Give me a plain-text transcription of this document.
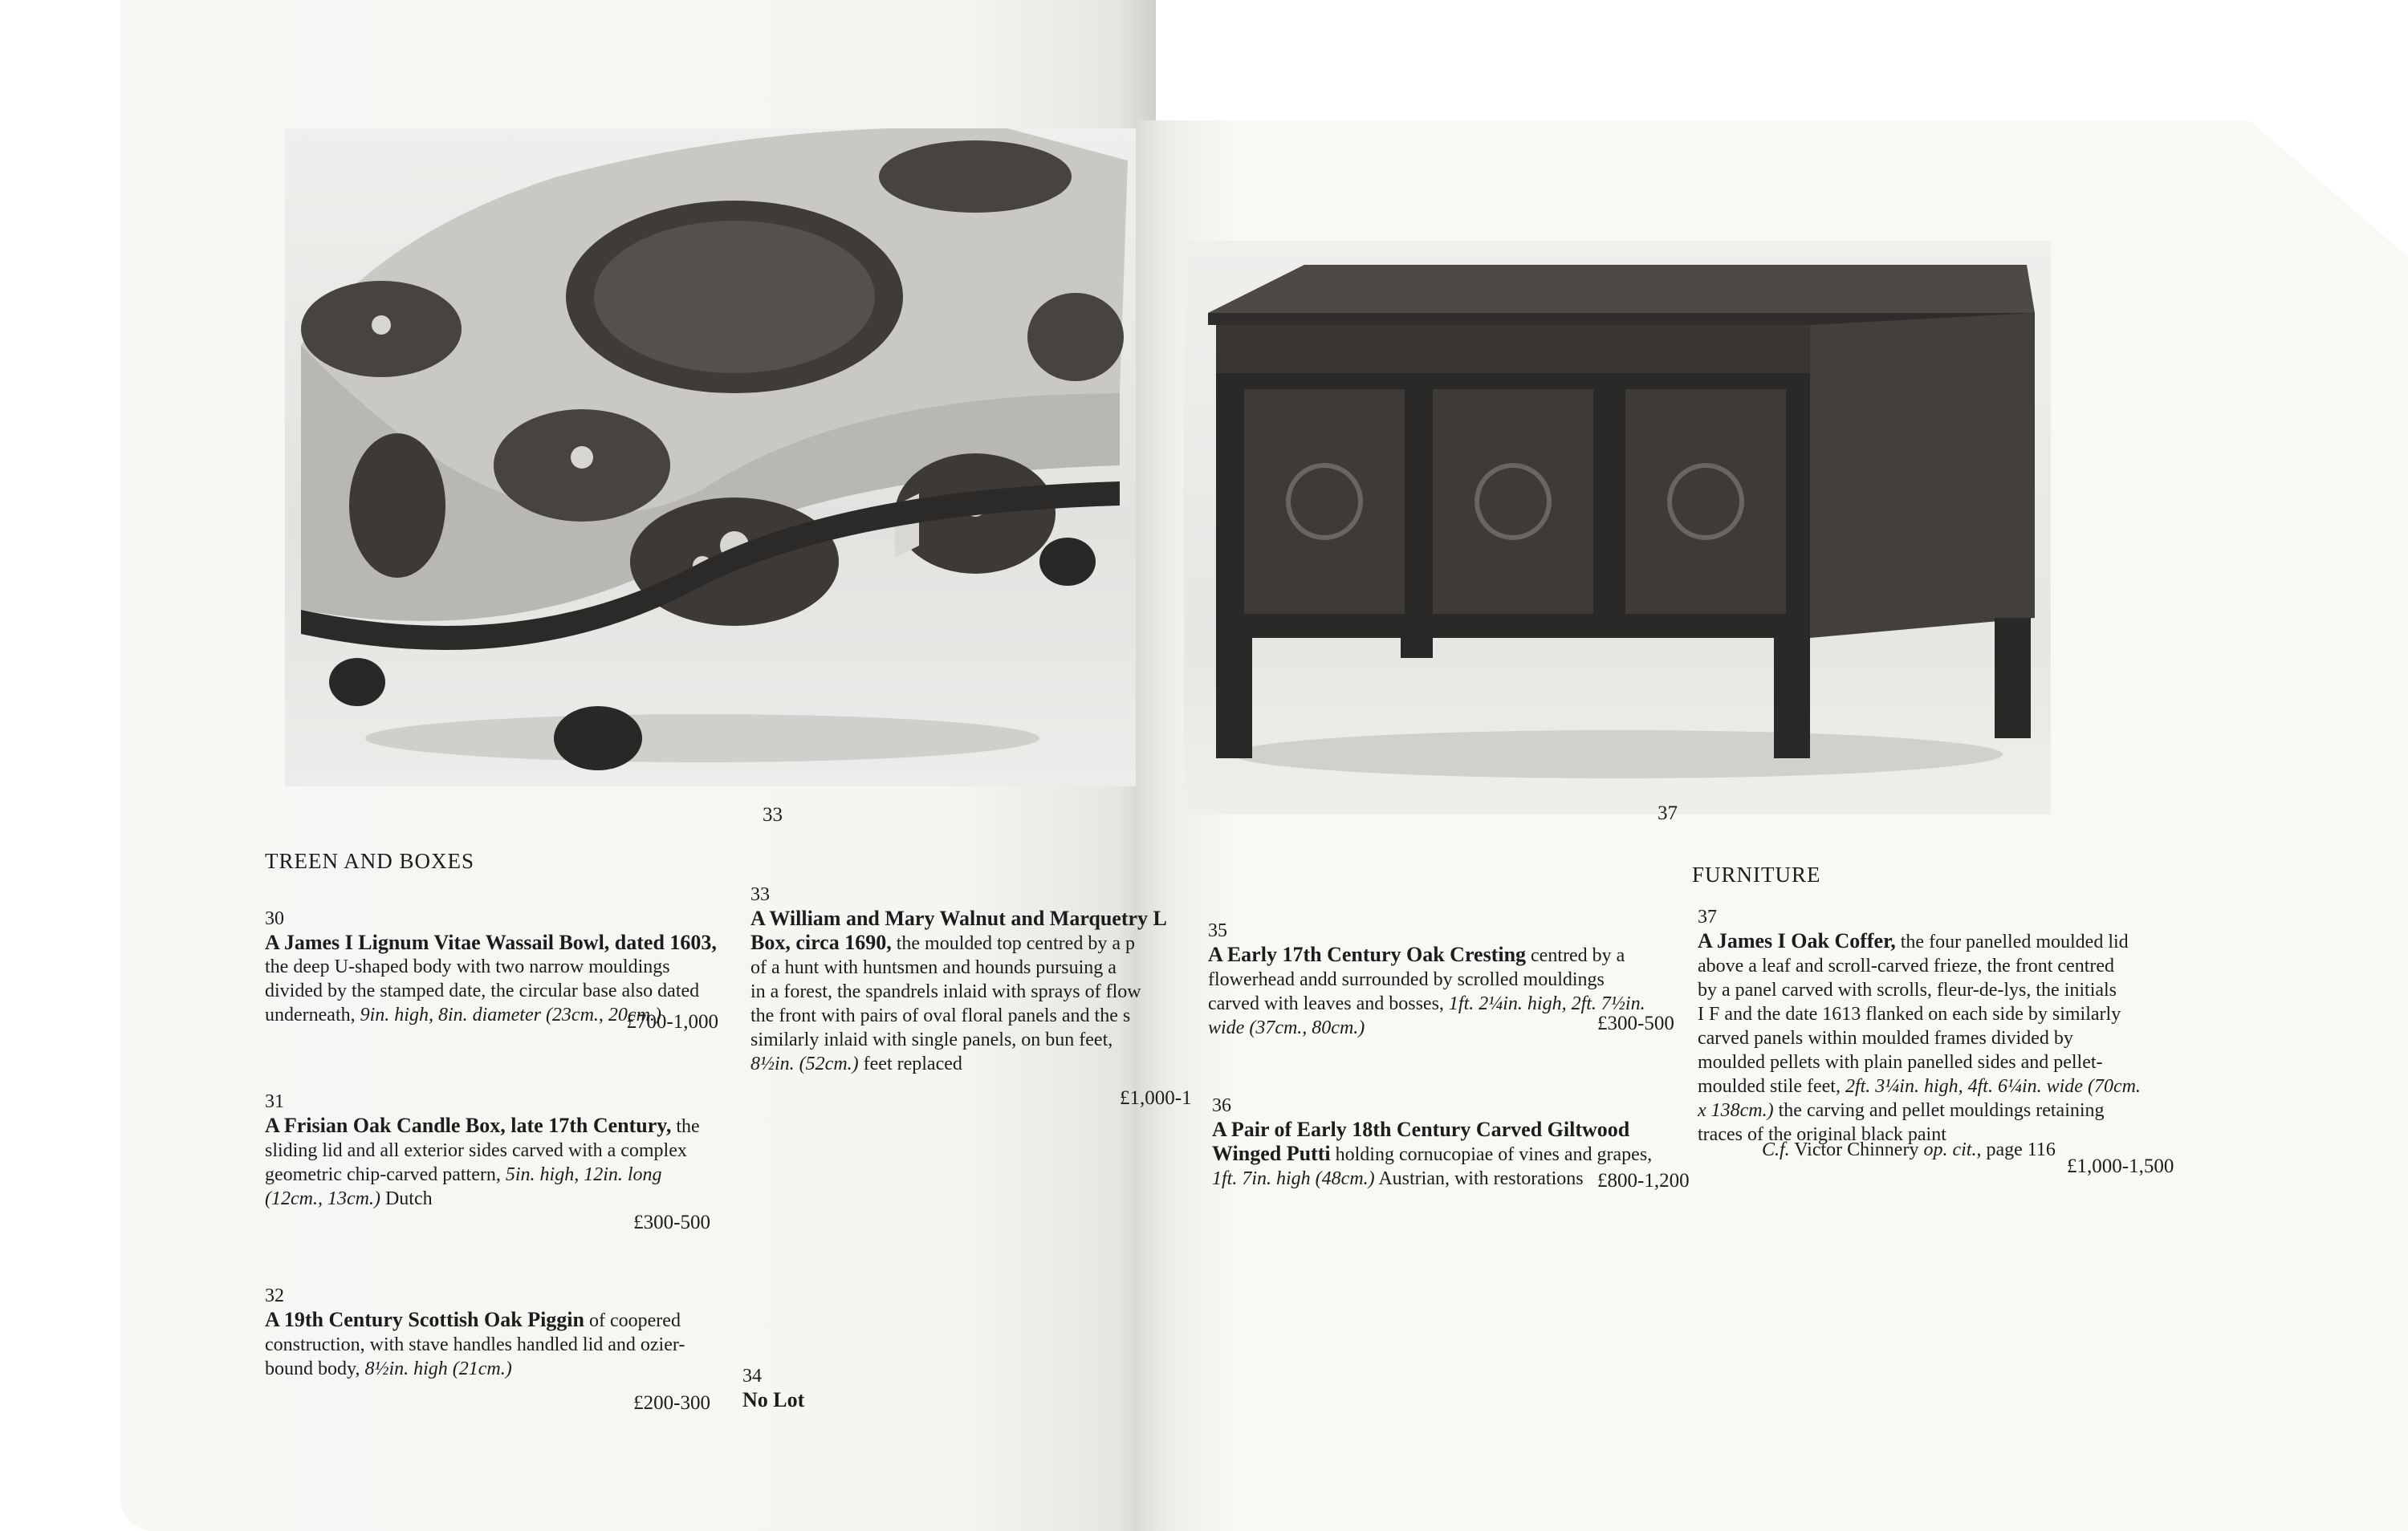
33	37
TREEN AND BOXES
30
A James I Lignum Vitae Wassail Bowl, dated 1603,
the deep U-shaped body with two narrow mouldings
divided by the stamped date, the circular base also dated
underneath, 9in. high, 8in. diameter (23cm., 20cm.)
£700-1,000
31
A Frisian Oak Candle Box, late 17th Century, the
sliding lid and all exterior sides carved with a complex
geometric chip-carved pattern, 5in. high, 12in. long
(12cm., 13cm.) Dutch
£300-500
32
A 19th Century Scottish Oak Piggin of coopered
construction, with stave handles handled lid and ozier-
bound body, 8½in. high (21cm.)
£200-300
33
A William and Mary Walnut and Marquetry L
Box, circa 1690, the moulded top centred by a p
of a hunt with huntsmen and hounds pursuing a
in a forest, the spandrels inlaid with sprays of flow
the front with pairs of oval floral panels and the s
similarly inlaid with single panels, on bun feet,
8½in. (52cm.) feet replaced
£1,000-1
34
No Lot
FURNITURE
35
A Early 17th Century Oak Cresting centred by a
flowerhead andd surrounded by scrolled mouldings
carved with leaves and bosses, 1ft. 2¼in. high, 2ft. 7½in.
wide (37cm., 80cm.)	£300-500
36
A Pair of Early 18th Century Carved Giltwood
Winged Putti holding cornucopiae of vines and grapes,
1ft. 7in. high (48cm.) Austrian, with restorations £800-1,200
37
A James I Oak Coffer, the four panelled moulded lid
above a leaf and scroll-carved frieze, the front centred
by a panel carved with scrolls, fleur-de-lys, the initials
I F and the date 1613 flanked on each side by similarly
carved panels within moulded frames divided by
moulded pellets with plain panelled sides and pellet-
moulded stile feet, 2ft. 3¼in. high, 4ft. 6¼in. wide (70cm.
x 138cm.) the carving and pellet mouldings retaining
traces of the original black paint
C.f. Victor Chinnery op. cit., page 116
£1,000-1,500
